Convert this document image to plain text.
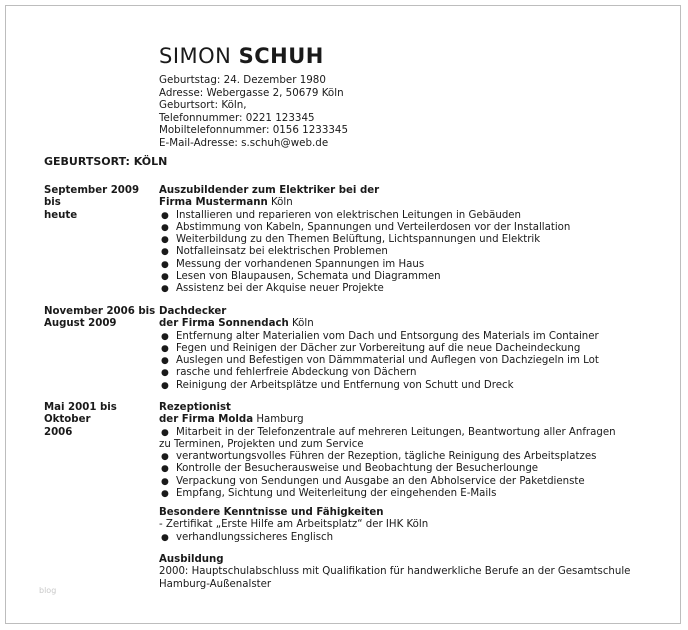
SIMON SCHUH
Geburtstag: 24. Dezember 1980
Adresse: Webergasse 2, 50679 Köln
Geburtsort: Köln,
Telefonnummer: 0221 123345
Mobiltelefonnummer: 0156 1233345
E-Mail-Adresse: s.schuh@web.de
GEBURTSORT: KÖLN
September 2009 bis
heute
Auszubildender zum Elektriker bei der
Firma Mustermann Köln
● Installieren und reparieren von elektrischen Leitungen in Gebäuden
● Abstimmung von Kabeln, Spannungen und Verteilerdosen vor der Installation
● Weiterbildung zu den Themen Belüftung, Lichtspannungen und Elektrik
● Notfalleinsatz bei elektrischen Problemen
● Messung der vorhandenen Spannungen im Haus
● Lesen von Blaupausen, Schemata und Diagrammen
● Assistenz bei der Akquise neuer Projekte
November 2006 bis
August 2009
Dachdecker
der Firma Sonnendach Köln
● Entfernung alter Materialien vom Dach und Entsorgung des Materials im Container
● Fegen und Reinigen der Dächer zur Vorbereitung auf die neue Dacheindeckung
● Auslegen und Befestigen von Dämmmaterial und Auflegen von Dachziegeln im Lot
● rasche und fehlerfreie Abdeckung von Dächern
● Reinigung der Arbeitsplätze und Entfernung von Schutt und Dreck
Mai 2001 bis Oktober
2006
Rezeptionist
der Firma Molda Hamburg
● Mitarbeit in der Telefonzentrale auf mehreren Leitungen, Beantwortung aller Anfragen
zu Terminen, Projekten und zum Service
● verantwortungsvolles Führen der Rezeption, tägliche Reinigung des Arbeitsplatzes
● Kontrolle der Besucherausweise und Beobachtung der Besucherlounge
● Verpackung von Sendungen und Ausgabe an den Abholservice der Paketdienste
● Empfang, Sichtung und Weiterleitung der eingehenden E-Mails
Besondere Kenntnisse und Fähigkeiten
- Zertifikat „Erste Hilfe am Arbeitsplatz“ der IHK Köln
● verhandlungssicheres Englisch
Ausbildung
2000: Hauptschulabschluss mit Qualifikation für handwerkliche Berufe an der Gesamtschule
Hamburg-Außenalster
blog
